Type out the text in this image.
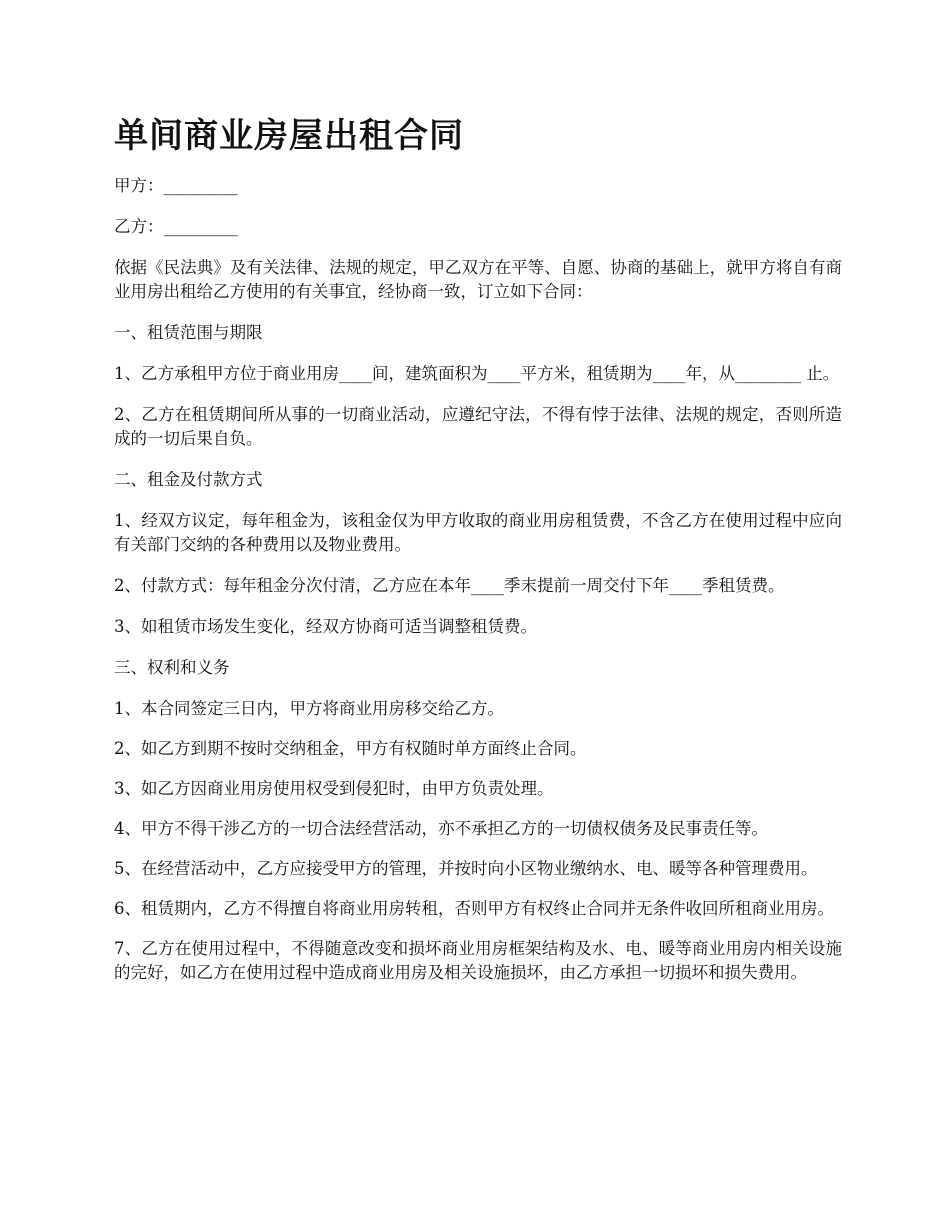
单间商业房屋出租合同

甲方：_________

乙方：_________

依据《民法典》及有关法律、法规的规定，甲乙双方在平等、自愿、协商的基础上，就甲方将自有商业用房出租给乙方使用的有关事宜，经协商一致，订立如下合同：

一、租赁范围与期限

1、乙方承租甲方位于商业用房____间，建筑面积为____平方米，租赁期为____年，从________ 止。

2、乙方在租赁期间所从事的一切商业活动，应遵纪守法，不得有悖于法律、法规的规定，否则所造成的一切后果自负。

二、租金及付款方式

1、经双方议定，每年租金为，该租金仅为甲方收取的商业用房租赁费，不含乙方在使用过程中应向有关部门交纳的各种费用以及物业费用。

2、付款方式：每年租金分次付清，乙方应在本年____季末提前一周交付下年____季租赁费。

3、如租赁市场发生变化，经双方协商可适当调整租赁费。

三、权利和义务

1、本合同签定三日内，甲方将商业用房移交给乙方。

2、如乙方到期不按时交纳租金，甲方有权随时单方面终止合同。

3、如乙方因商业用房使用权受到侵犯时，由甲方负责处理。

4、甲方不得干涉乙方的一切合法经营活动，亦不承担乙方的一切债权债务及民事责任等。

5、在经营活动中，乙方应接受甲方的管理，并按时向小区物业缴纳水、电、暖等各种管理费用。

6、租赁期内，乙方不得擅自将商业用房转租，否则甲方有权终止合同并无条件收回所租商业用房。

7、乙方在使用过程中，不得随意改变和损坏商业用房框架结构及水、电、暖等商业用房内相关设施的完好，如乙方在使用过程中造成商业用房及相关设施损坏，由乙方承担一切损坏和损失费用。
